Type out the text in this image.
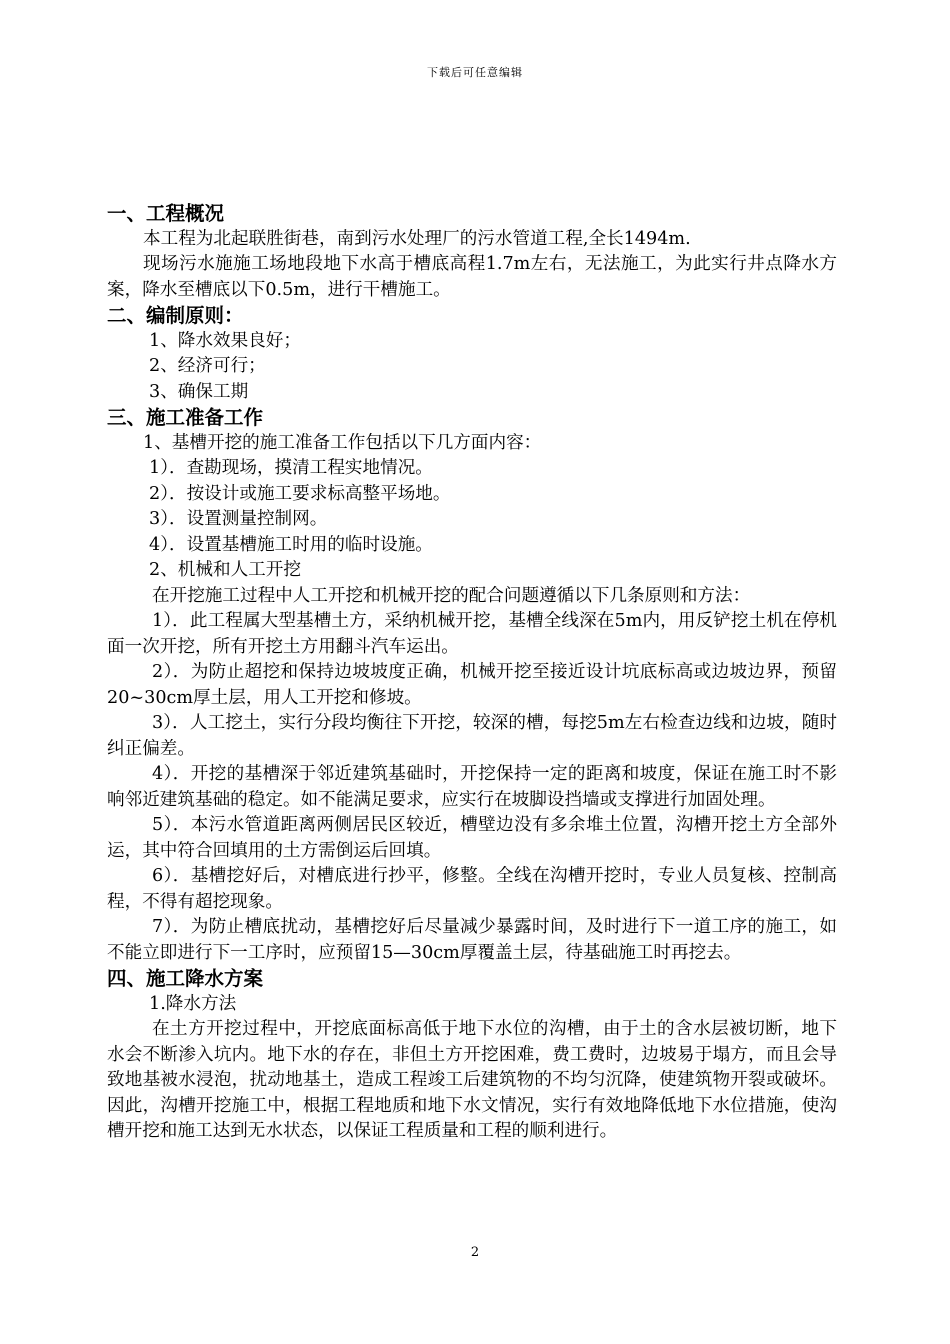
下载后可任意编辑

一、工程概况

本工程为北起联胜街巷，南到污水处理厂的污水管道工程,全长1494m.

现场污水施施工场地段地下水高于槽底高程1.7m左右，无法施工，为此实行井点降水方案，降水至槽底以下0.5m，进行干槽施工。

二、编制原则：

1、降水效果良好；

2、经济可行；

3、确保工期

三、施工准备工作

1、基槽开挖的施工准备工作包括以下几方面内容：

1）．查勘现场，摸清工程实地情况。

2）．按设计或施工要求标高整平场地。

3）．设置测量控制网。

4）．设置基槽施工时用的临时设施。

2、机械和人工开挖

在开挖施工过程中人工开挖和机械开挖的配合问题遵循以下几条原则和方法：

1）．此工程属大型基槽土方，采纳机械开挖，基槽全线深在5m内，用反铲挖土机在停机面一次开挖，所有开挖土方用翻斗汽车运出。

2）．为防止超挖和保持边坡坡度正确，机械开挖至接近设计坑底标高或边坡边界，预留20~30cm厚土层，用人工开挖和修坡。

3）．人工挖土，实行分段均衡往下开挖，较深的槽，每挖5m左右检查边线和边坡，随时纠正偏差。

4）．开挖的基槽深于邻近建筑基础时，开挖保持一定的距离和坡度，保证在施工时不影响邻近建筑基础的稳定。如不能满足要求，应实行在坡脚设挡墙或支撑进行加固处理。

5）．本污水管道距离两侧居民区较近，槽壁边没有多余堆土位置，沟槽开挖土方全部外运，其中符合回填用的土方需倒运后回填。

6）．基槽挖好后，对槽底进行抄平，修整。全线在沟槽开挖时，专业人员复核、控制高程，不得有超挖现象。

7）．为防止槽底扰动，基槽挖好后尽量减少暴露时间，及时进行下一道工序的施工，如不能立即进行下一工序时，应预留15—30cm厚覆盖土层，待基础施工时再挖去。

四、施工降水方案

1.降水方法

在土方开挖过程中，开挖底面标高低于地下水位的沟槽，由于土的含水层被切断，地下水会不断渗入坑内。地下水的存在，非但土方开挖困难，费工费时，边坡易于塌方，而且会导致地基被水浸泡，扰动地基土，造成工程竣工后建筑物的不均匀沉降，使建筑物开裂或破坏。因此，沟槽开挖施工中，根据工程地质和地下水文情况，实行有效地降低地下水位措施，使沟槽开挖和施工达到无水状态，以保证工程质量和工程的顺利进行。

2
